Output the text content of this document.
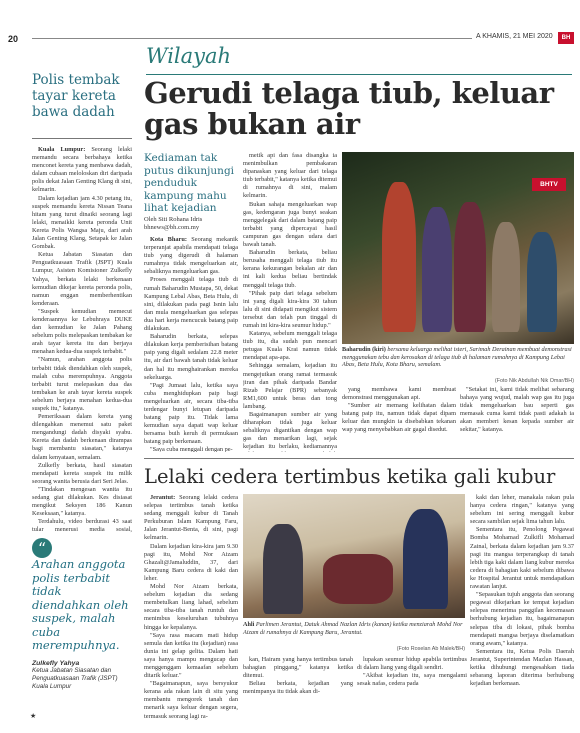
20	A KHAMIS, 21 MEI 2020	BH
Wilayah
Polis tembak tayar kereta bawa dadah

Kuala Lumpur: Seorang lelaki memandu secara berbahaya ketika menconet kereta yang menbawa dadah, dalam cubaan meloloskan diri daripada polis dekat Jalan Genting Klang di sini, kelmarin.

Dalam kejadian jam 4.30 petang itu, suspek memandu kereta Nissan Teana hitam yang turut dinaiki seorang lagi lelaki, menaikki kereta peronda Unit Kereta Polis Wangsa Maju, dari arah Jalan Genting Klang, Setapak ke Jalan Gombak.

Ketua Jabatan Siasatan dan Penguatkuasaan Trafik (JSPT) Kuala Lumpur, Asisten Komisioner Zulkefly Yahya, berkata lelaki berkenaan kemudian dikejar kereta peronda polis, namun enggan memberhentikan kenderaan.

"Suspek kemudian memecut kenderaannya ke Lebuhraya DUKE dan kemudian ke Jalan Pahang sebelum polis melepaskan tembakan ke arah tayar kereta itu dan berjaya menahan kedua-dua suspek terbabit."

"Namun, arahan anggota polis terbabit tidak diendahkan oleh suspek, malah cuba merempuhnya. Anggota terbabit turut melepaskan dua das tembakan ke arah tayar kereta suspek sebelum berjaya menahan kedua-dua suspek itu," katanya.

Pemeriksaan dalam kereta yang dilengahkan menemui satu paket mengandungi dadah disyaki syabu. Kereta dan dadah berkenaan dirampas bagi membantu siasatan," katanya dalam kenyataan, semalam.

Zulkefly berkata, hasil siasatan mendapati kereta suspek itu milik seorang wanita berusia dari Seri Jelas.

"Tindakan mengesan wanita itu sedang giat dilakukan. Kes disiasat mengikut Seksyen 186 Kanun Keseksaan," katanya.

Terdahulu, video berdurasi 43 saat tular menerusi media sosial,

“
Arahan anggota polis terbabit tidak diendahkan oleh suspek, malah cuba merempuhnya.
Zulkefly Yahya
Ketua Jabatan Siasatan dan Penguatkuasaan Trafik (JSPT) Kuala Lumpur
Gerudi telaga tiub, keluar gas bukan air
Kediaman tak putus dikunjungi penduduk kampung mahu lihat kejadian
Oleh Siti Rohana Idris bhnews@bh.com.my

Kota Bharu: Seorang mekanik terperanjat apabila mendapati telaga tiub yang digerudi di halaman rumahnya tidak mengeluarkan air, sebaliknya mengeluarkan gas.

Proses menggali telaga tiub di rumah Baharudin Mustapa, 50, dekat Kampung Lebal Abas, Beta Hulu, di sini, dilakukan pada pagi Isnin lalu dan mula mengeluarkan gas selepas dua hari kerja mencucuk batang paip dilakukan.

Baharudin berkata, selepas dilakukan kerja pemberisihan batang paip yang digali sedalam 22.8 meter itu, air dari bawah tanah tidak keluar dan hal itu menghairankan mereka sekeluarga.

"Pagi Jumaat lalu, ketika saya cuba menghidupkan paip bagi mengeluarkan air, secara tiba-tiba terdengar bunyi letupan daripada batang paip itu. Tidak lama kemudian saya dapati wap keluar bersama buih keruh di permukaan batang paip berkenaan.

"Saya cuba menggali dengan pe-

metik api dan fasa disangka ia menimbulkan pembakaran dipanaskan yang keluar dari telaga tiub terbabit," katanya ketika ditemui di rumahnya di sini, malam kelmarin.

Bukan sahaja mengeluarkan wap gas, kedengaran juga bunyi seakan menggelegak dari dalam batang paip terbabit yang dipercayai hasil campuran gas dengan udara dari bawah tanah.

Baharudin berkata, beliau berusaha menggali telaga tiub itu kerana kekurangan bekalan air dan ini kali kedua beliau bertindak menggali telaga tiub.

"Pihak paip dari telaga sebelum ini yang digali kira-kira 30 tahun lalu di sini didapati mengikut sistem tersebut dan telah pun tinggal di rumah ini kira-kira seumur hidup."

Katanya, sebelum menggali telaga tiub itu, dia sudah pun mencari petugas Kuala Krai namun tidak mendapat apa-apa.

Sehingga semalam, kejadian itu mengejutkan orang ramai termasuk jiran dan pihak daripada Bandar Rizab Pelajar (BPR) sebanyak RM1,600 untuk beras dan tong lambang.

Bagaimanapun sumber air yang diharapkan tidak juga keluar sebaliknya digantikan dengan wap gas dan menarikan lagi, sejak kejadian itu berlaku, kediamannya

BHTV
Baharudin (kiri) bersama keluarga melihat isteri, Sarimah Derainan membuat demonstrasi menggunakan tebu dan kerosakan di telaga tiub di halaman rumahnya di Kampung Lebai Abas, Beta Hulu, Kota Bharu, semalam.
(Foto Nik Abdullah Nik Omar/BH)

yang membawa kami membuat demonstrasi menggunakan api.

"Sumber air memang kelihatan dalam batang paip itu, namun tidak dapat dipam keluar dan mungkin ia disebabkan tekanan wap yang menyebabkan air gagal disedut.

"Setakat ini, kami tidak melihat sebarang bahaya yang wujud, malah wap gas itu juga tidak mengeluarkan bau seperti gas memasak cuma kami tidak pasti adakah ia akan memberi kesan kepada sumber air sekitar," katanya.

Lelaki cedera tertimbus ketika gali kubur

Jerantut: Seorang lelaki cedera selepas tertimbus tanah ketika sedang menggali kubur di Tanah Perkuburan Islam Kampung Faru, Jalan Jerantut-Benta, di sini, pagi kelmarin.

Dalam kejadian kira-kira jam 9.30 pagi itu, Mohd Nor Aizam Ghazali@Jamaluddin, 37, dari Kampung Baru cedera di kaki dan leher.

Mohd Nor Aizam berkata, sebelum kejadian dia sedang membetulkan liang lahad, sebelum secara tiba-tiba tanah runtuh dan menimbus keseluruhan tubuhnya hingga ke kepalanya.

"Saya rasa macam mati hidup semula dan ketika itu (kejadian) rasa dunia ini gelap gelita. Dalam hati saya hanya mampu mengucap dan menggenggam kemaafan sebelum ditarik keluar."

"Bagaimanapun, saya bersyukur kerana ada rakan lain di situ yang membantu mengorek tanah dan menarik saya keluar dengan segera, termasuk seorang lagi ra-

Ahli Parlimen Jerantut, Datuk Ahmad Nazlan Idris (kanan) ketika menziarah Mohd Nor Aizam di rumahnya di Kampung Baru, Jerantut.
(Foto Roselan Ab Malek/BH)

kan, Hairam yang hanya tertimbus tanah bahagian pinggang," katanya ketika ditemui.

Beliau berkata, kejadian yang menimpanya itu tidak akan di-

lupakan seumur hidup apabila tertimbus di dalam liang yang digali sendiri.

"Akibat kejadian itu, saya mengalami sesak nafas, cedera pada

kaki dan leher, manakala rakan pula hanya cedera ringan," katanya yang sebelum ini sering menggali kubur secara sambilan sejak lima tahun lalu.

Sementara itu, Penolong Pegawai Bomba Mohamad Zulkifli Mohamad Zainal, berkata dalam kejadian jam 9.37 pagi itu mangsa terperangkap di tanah lebih tiga kaki dalam liang kubur mereka cedera di bahagian kaki sebelum dibawa ke Hospital Jerantut untuk mendapatkan rawatan lanjut.

"Sepasukan tujuh anggota dan seorang pegawai dikejarkan ke tempat kejadian selepas menerima panggilan kecemasan berhubung kejadian itu, bagaimanapun selepas tiba di lokasi, pihak bomba mendapati mangsa berjaya diselamatkan orang awam," katanya.

Sementara itu, Ketua Polis Daerah Jerantut, Superintendan Mazlan Hassan, ketika dihubungi mengesahkan tiada sebarang laporan diterima berhubung kejadian berkenaan.

★
